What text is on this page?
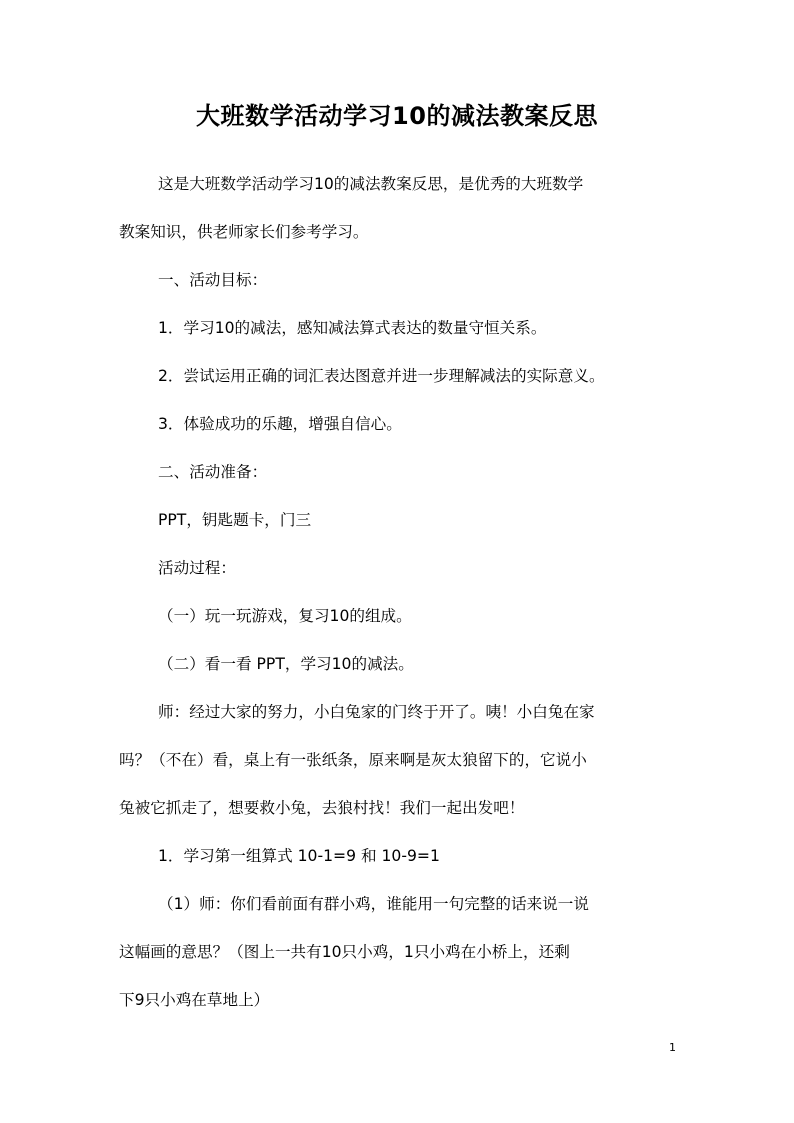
大班数学活动学习10的减法教案反思

这是大班数学活动学习10的减法教案反思，是优秀的大班数学

教案知识，供老师家长们参考学习。

一、活动目标：

1．学习10的减法，感知减法算式表达的数量守恒关系。

2．尝试运用正确的词汇表达图意并进一步理解减法的实际意义。

3．体验成功的乐趣，增强自信心。

二、活动准备：

PPT，钥匙题卡，门三

活动过程：

（一）玩一玩游戏，复习10的组成。

（二）看一看 PPT，学习10的减法。

师：经过大家的努力，小白兔家的门终于开了。咦！小白兔在家

吗？（不在）看，桌上有一张纸条，原来啊是灰太狼留下的，它说小

兔被它抓走了，想要救小兔，去狼村找！我们一起出发吧！

1．学习第一组算式 10-1=9 和 10-9=1

（1）师：你们看前面有群小鸡，谁能用一句完整的话来说一说

这幅画的意思？（图上一共有10只小鸡，1只小鸡在小桥上，还剩

下9只小鸡在草地上）

1
